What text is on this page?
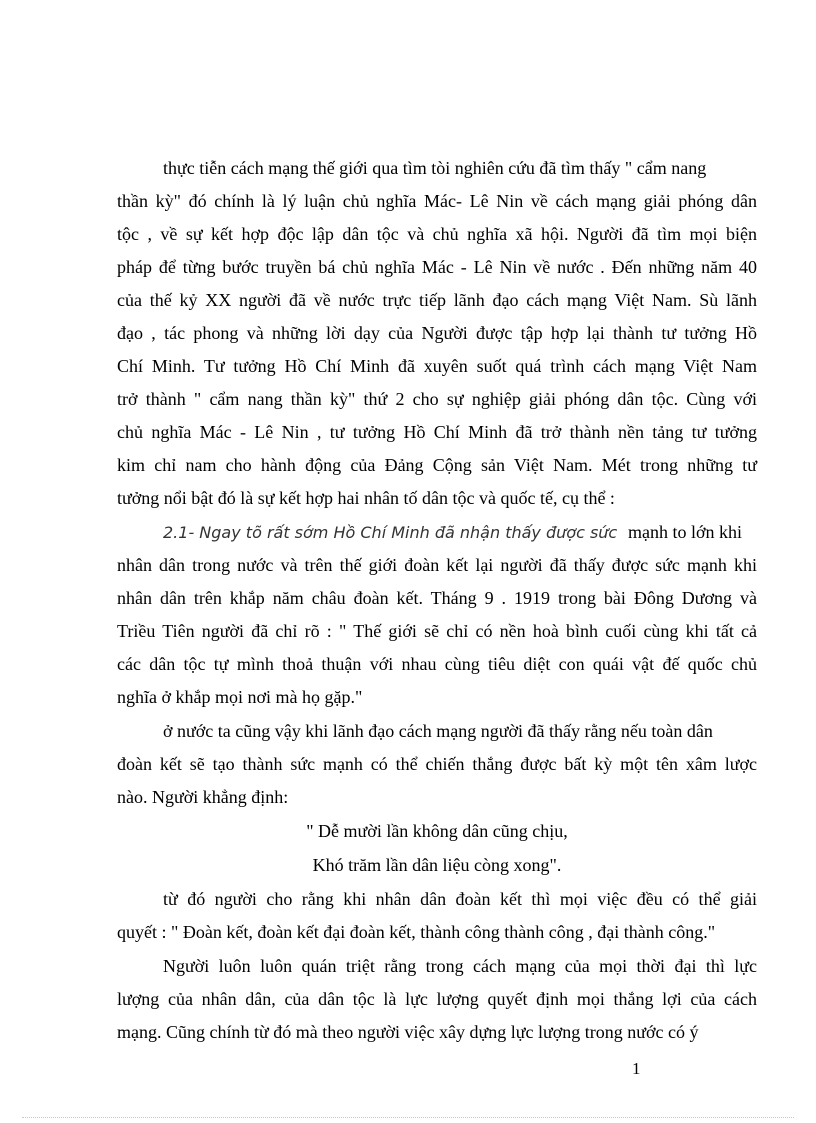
thực tiễn cách mạng thế giới qua tìm tòi nghiên cứu đã tìm thấy " cẩm nang
thần kỳ" đó chính là lý luận chủ nghĩa Mác- Lê Nin về cách mạng giải phóng dân
tộc , về sự kết hợp độc lập dân tộc và chủ nghĩa xã hội. Người đã tìm mọi biện
pháp để từng bước truyền bá chủ nghĩa Mác - Lê Nin về nước . Đến những năm 40
của thế kỷ XX người đã về nước trực tiếp lãnh đạo cách mạng Việt Nam. Sù lãnh
đạo , tác phong và những lời dạy của Người được tập hợp lại thành tư tưởng Hồ
Chí Minh. Tư tưởng Hồ Chí Minh đã xuyên suốt quá trình cách mạng Việt Nam
trở thành " cẩm nang thần kỳ" thứ 2 cho sự nghiệp giải phóng dân tộc. Cùng với
chủ nghĩa Mác - Lê Nin , tư tưởng Hồ Chí Minh đã trở thành nền tảng tư tưởng
kim chỉ nam cho hành động của Đảng Cộng sản Việt Nam. Mét trong những tư
tưởng nổi bật đó là sự kết hợp hai nhân tố dân tộc và quốc tế, cụ thể :
2.1- Ngay tõ rất sớm Hồ Chí Minh đã nhận thấy được sức mạnh to lớn khi
nhân dân trong nước và trên thế giới đoàn kết lại người đã thấy được sức mạnh khi
nhân dân trên khắp năm châu đoàn kết. Tháng 9 . 1919 trong bài Đông Dương và
Triều Tiên người đã chỉ rõ : " Thế giới sẽ chỉ có nền hoà bình cuối cùng khi tất cả
các dân tộc tự mình thoả thuận với nhau cùng tiêu diệt con quái vật đế quốc chủ
nghĩa ở khắp mọi nơi mà họ gặp."
ở nước ta cũng vậy khi lãnh đạo cách mạng người đã thấy rằng nếu toàn dân
đoàn kết sẽ tạo thành sức mạnh có thể chiến thắng được bất kỳ một tên xâm lược
nào. Người khẳng định:
" Dễ mười lần không dân cũng chịu,
Khó trăm lần dân liệu còng xong".
từ đó người cho rằng khi nhân dân đoàn kết thì mọi việc đều có thể giải
quyết : " Đoàn kết, đoàn kết đại đoàn kết, thành công thành công , đại thành công."
Người luôn luôn quán triệt rằng trong cách mạng của mọi thời đại thì lực
lượng của nhân dân, của dân tộc là lực lượng quyết định mọi thắng lợi của cách
mạng. Cũng chính từ đó mà theo người việc xây dựng lực lượng trong nước có ý
1
